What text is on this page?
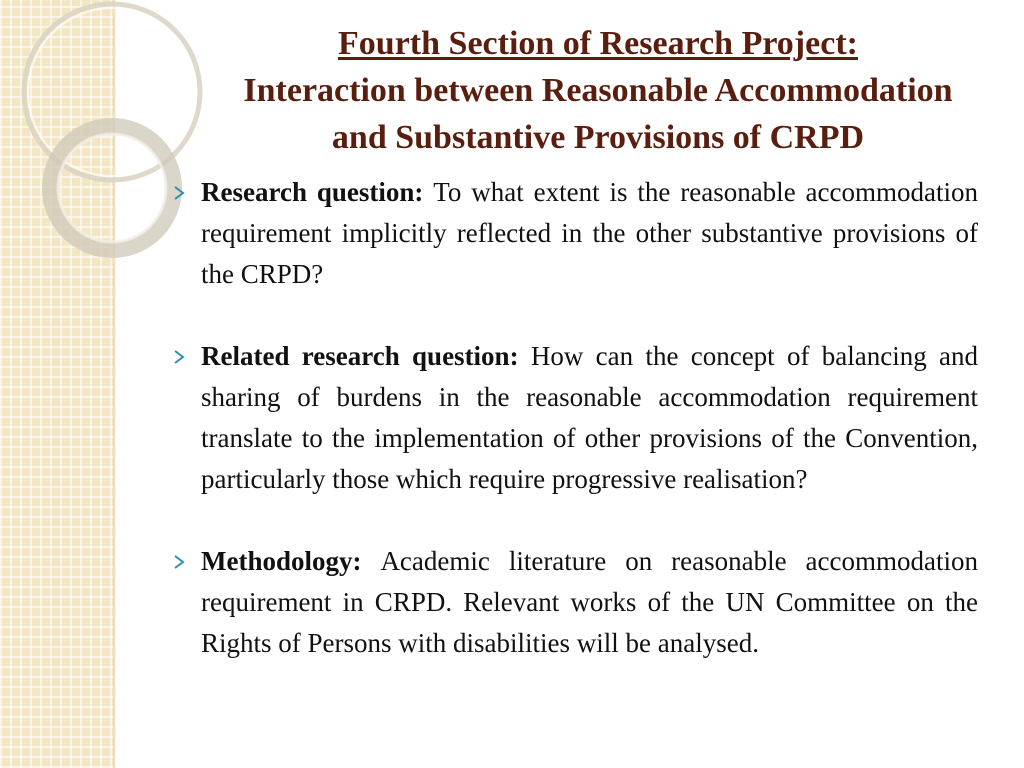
Fourth Section of Research Project:
Interaction between Reasonable Accommodation
and Substantive Provisions of CRPD
Research question: To what extent is the reasonable accommodation requirement implicitly reflected in the other substantive provisions of the CRPD?
Related research question: How can the concept of balancing and sharing of burdens in the reasonable accommodation requirement translate to the implementation of other provisions of the Convention, particularly those which require progressive realisation?
Methodology: Academic literature on reasonable accommodation requirement in CRPD. Relevant works of the UN Committee on the Rights of Persons with disabilities will be analysed.
